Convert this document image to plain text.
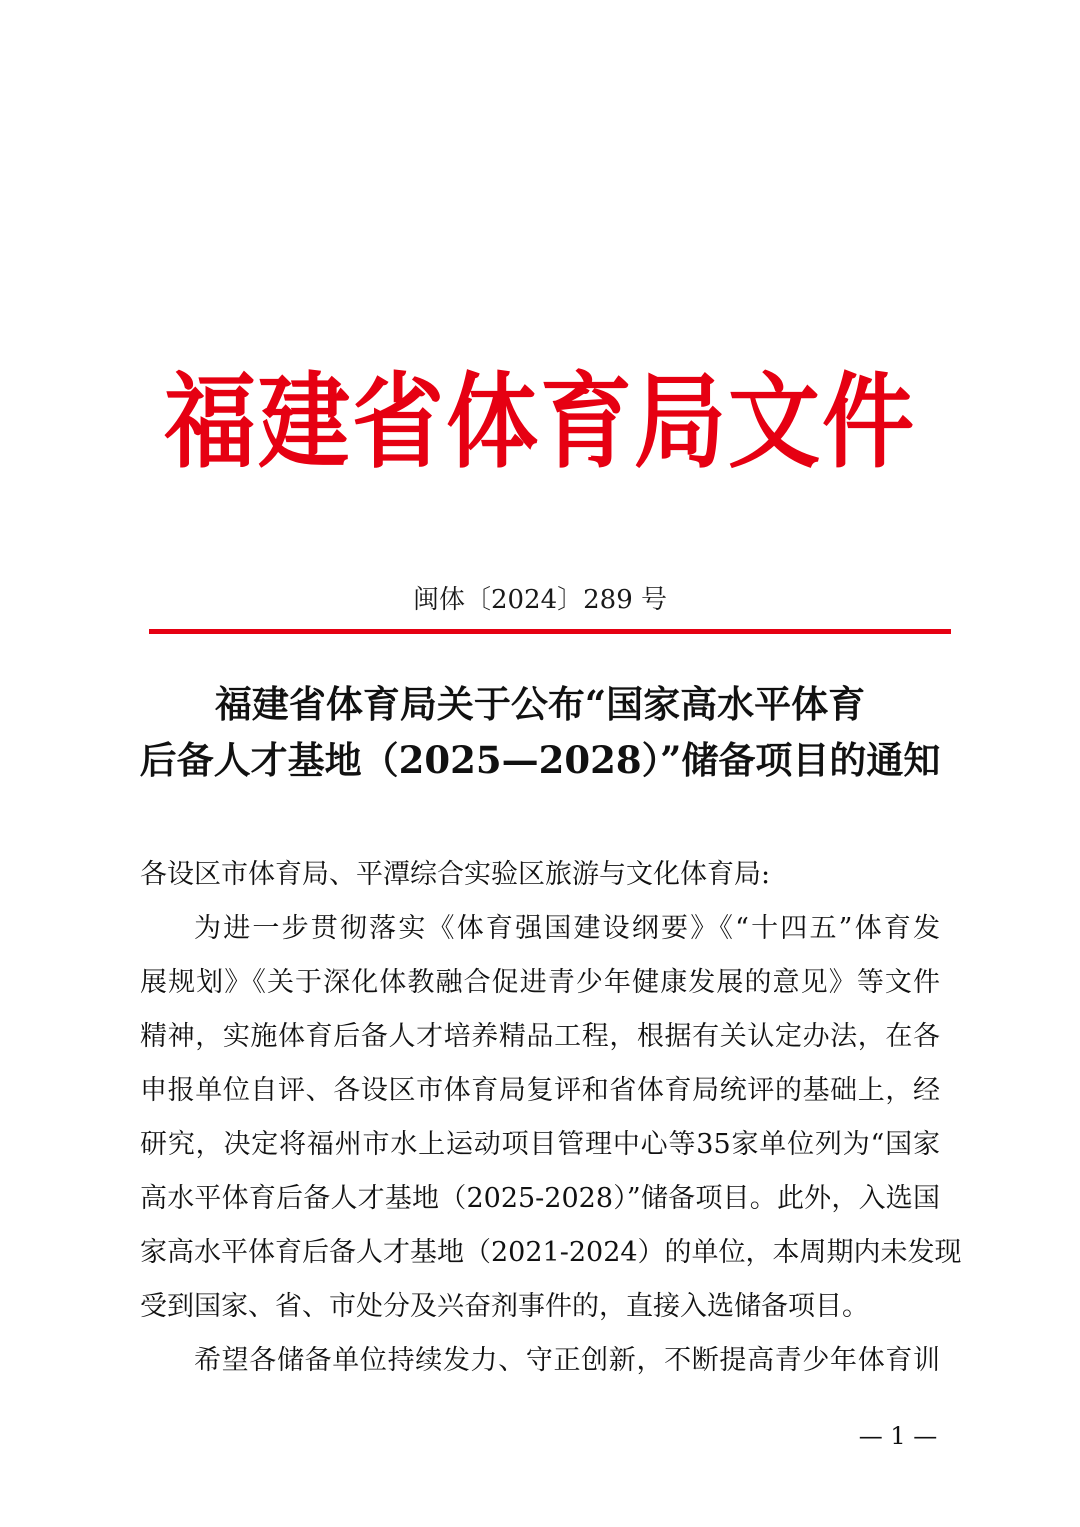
福建省体育局文件
闽体〔2024〕289 号
福建省体育局关于公布“国家高水平体育
后备人才基地（2025—2028）”储备项目的通知
各设区市体育局、平潭综合实验区旅游与文化体育局:
为进一步贯彻落实《体育强国建设纲要》《“十四五”体育发
展规划》《关于深化体教融合促进青少年健康发展的意见》等文件
精神，实施体育后备人才培养精品工程，根据有关认定办法，在各
申报单位自评、各设区市体育局复评和省体育局统评的基础上，经
研究，决定将福州市水上运动项目管理中心等35家单位列为“国家
高水平体育后备人才基地（2025-2028）”储备项目。此外，入选国
家高水平体育后备人才基地（2021-2024）的单位，本周期内未发现
受到国家、省、市处分及兴奋剂事件的，直接入选储备项目。
希望各储备单位持续发力、守正创新，不断提高青少年体育训
— 1 —
